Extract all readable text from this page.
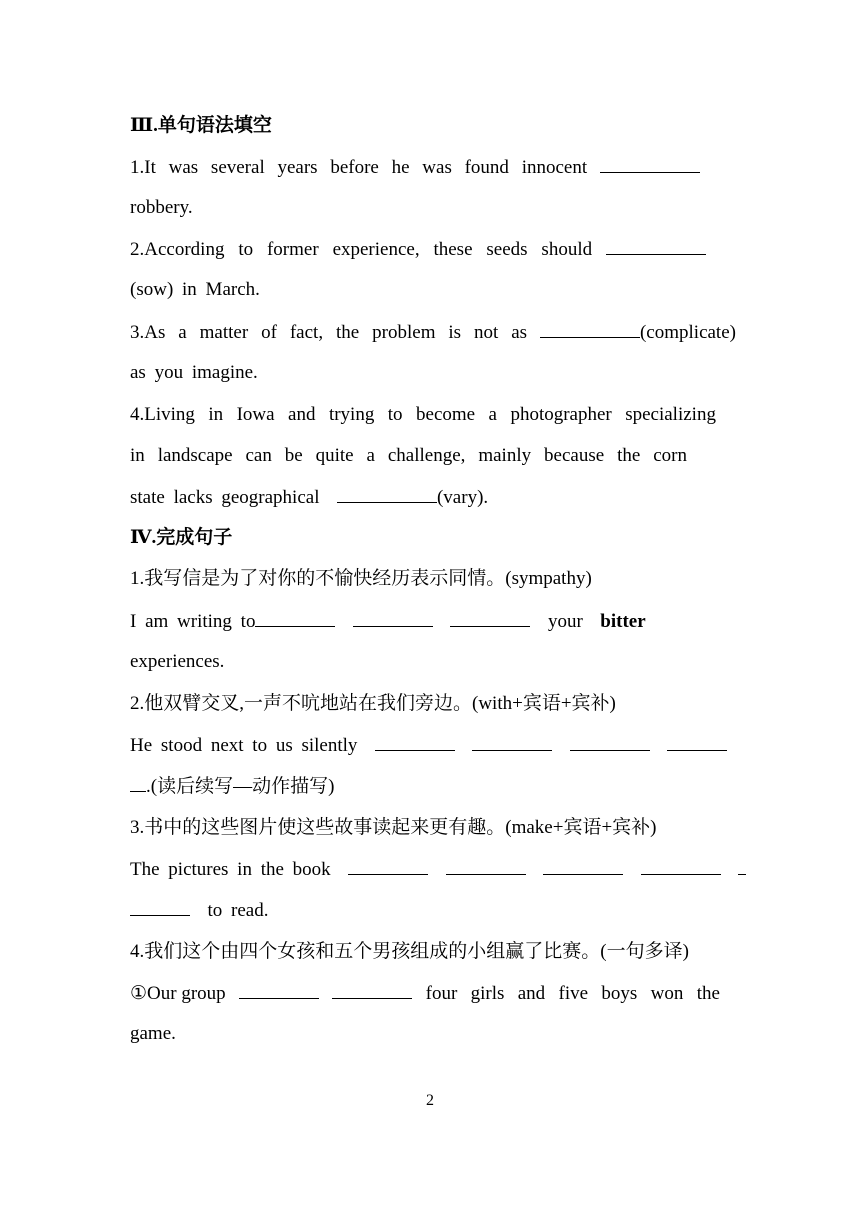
Ⅲ.单句语法填空
1.It was several years before he was found innocent
robbery.
2.According to former experience, these seeds should
(sow) in March.
3.As a matter of fact, the problem is not as	(complicate)
as you imagine.
4.Living in Iowa and trying to become a photographer specializing
in landscape can be quite a challenge, mainly because the corn
state lacks geographical	(vary).
Ⅳ.完成句子
1.我写信是为了对你的不愉快经历表示同情。(sympathy)
I am writing to	your bitter
experiences.
2.他双臂交叉,一声不吭地站在我们旁边。(with+宾语+宾补)
He stood next to us silently
.(读后续写—动作描写)
3.书中的这些图片使这些故事读起来更有趣。(make+宾语+宾补)
The pictures in the book
to read.
4.我们这个由四个女孩和五个男孩组成的小组赢了比赛。(一句多译)
①Our group	four girls and five boys won the
game.
2
